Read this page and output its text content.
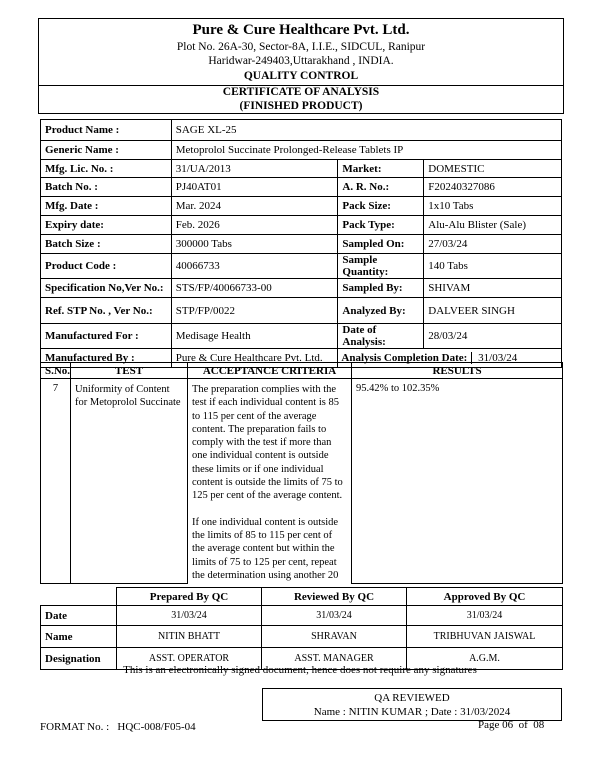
Pure & Cure Healthcare Pvt. Ltd.
Plot No. 26A-30, Sector-8A, I.I.E., SIDCUL, Ranipur
Haridwar-249403,Uttarakhand , INDIA.
QUALITY CONTROL
CERTIFICATE OF ANALYSIS
(FINISHED PRODUCT)
Product Name :	SAGE XL-25		
Generic Name :	Metoprolol Succinate Prolonged-Release Tablets IP		
Mfg. Lic. No. :	31/UA/2013	Market:	DOMESTIC
Batch No. :	PJ40AT01	A. R. No.:	F20240327086
Mfg. Date :	Mar. 2024	Pack Size:	1x10 Tabs
Expiry date:	Feb. 2026	Pack Type:	Alu-Alu Blister (Sale)
Batch Size :	300000 Tabs	Sampled On:	27/03/24
Product Code :	40066733	Sample Quantity:	140 Tabs
Specification No,Ver No.:	STS/FP/40066733-00	Sampled By:	SHIVAM
Ref. STP No. , Ver No.:	STP/FP/0022	Analyzed By:	DALVEER SINGH
Manufactured For :	Medisage Health	Date of Analysis:	28/03/24
Manufactured By :	Pure & Cure Healthcare Pvt. Ltd.	Analysis Completion Date: 31/03/24	
S.No.	TEST	ACCEPTANCE CRITERIA	RESULTS
7	Uniformity of Content for Metoprolol Succinate	The preparation complies with the test if each individual content is 85 to 115 per cent of the average content. The preparation fails to comply with the test if more than one individual content is outside these limits or if one individual content is outside the limits of 75 to 125 per cent of the average content.
If one individual content is outside the limits of 85 to 115 per cent of the average content but within the limits of 75 to 125 per cent, repeat the determination using another 20	95.42% to 102.35%
	Prepared By QC	Reviewed By QC	Approved By QC
Date	31/03/24	31/03/24	31/03/24
Name	NITIN BHATT	SHRAVAN	TRIBHUVAN JAISWAL
Designation	ASST. OPERATOR	ASST. MANAGER	A.G.M.
This is an electronically signed document, hence does not require any signatures
QA REVIEWED
Name : NITIN KUMAR ; Date : 31/03/2024
FORMAT No. :   HQC-008/F05-04	Page 06  of  08
